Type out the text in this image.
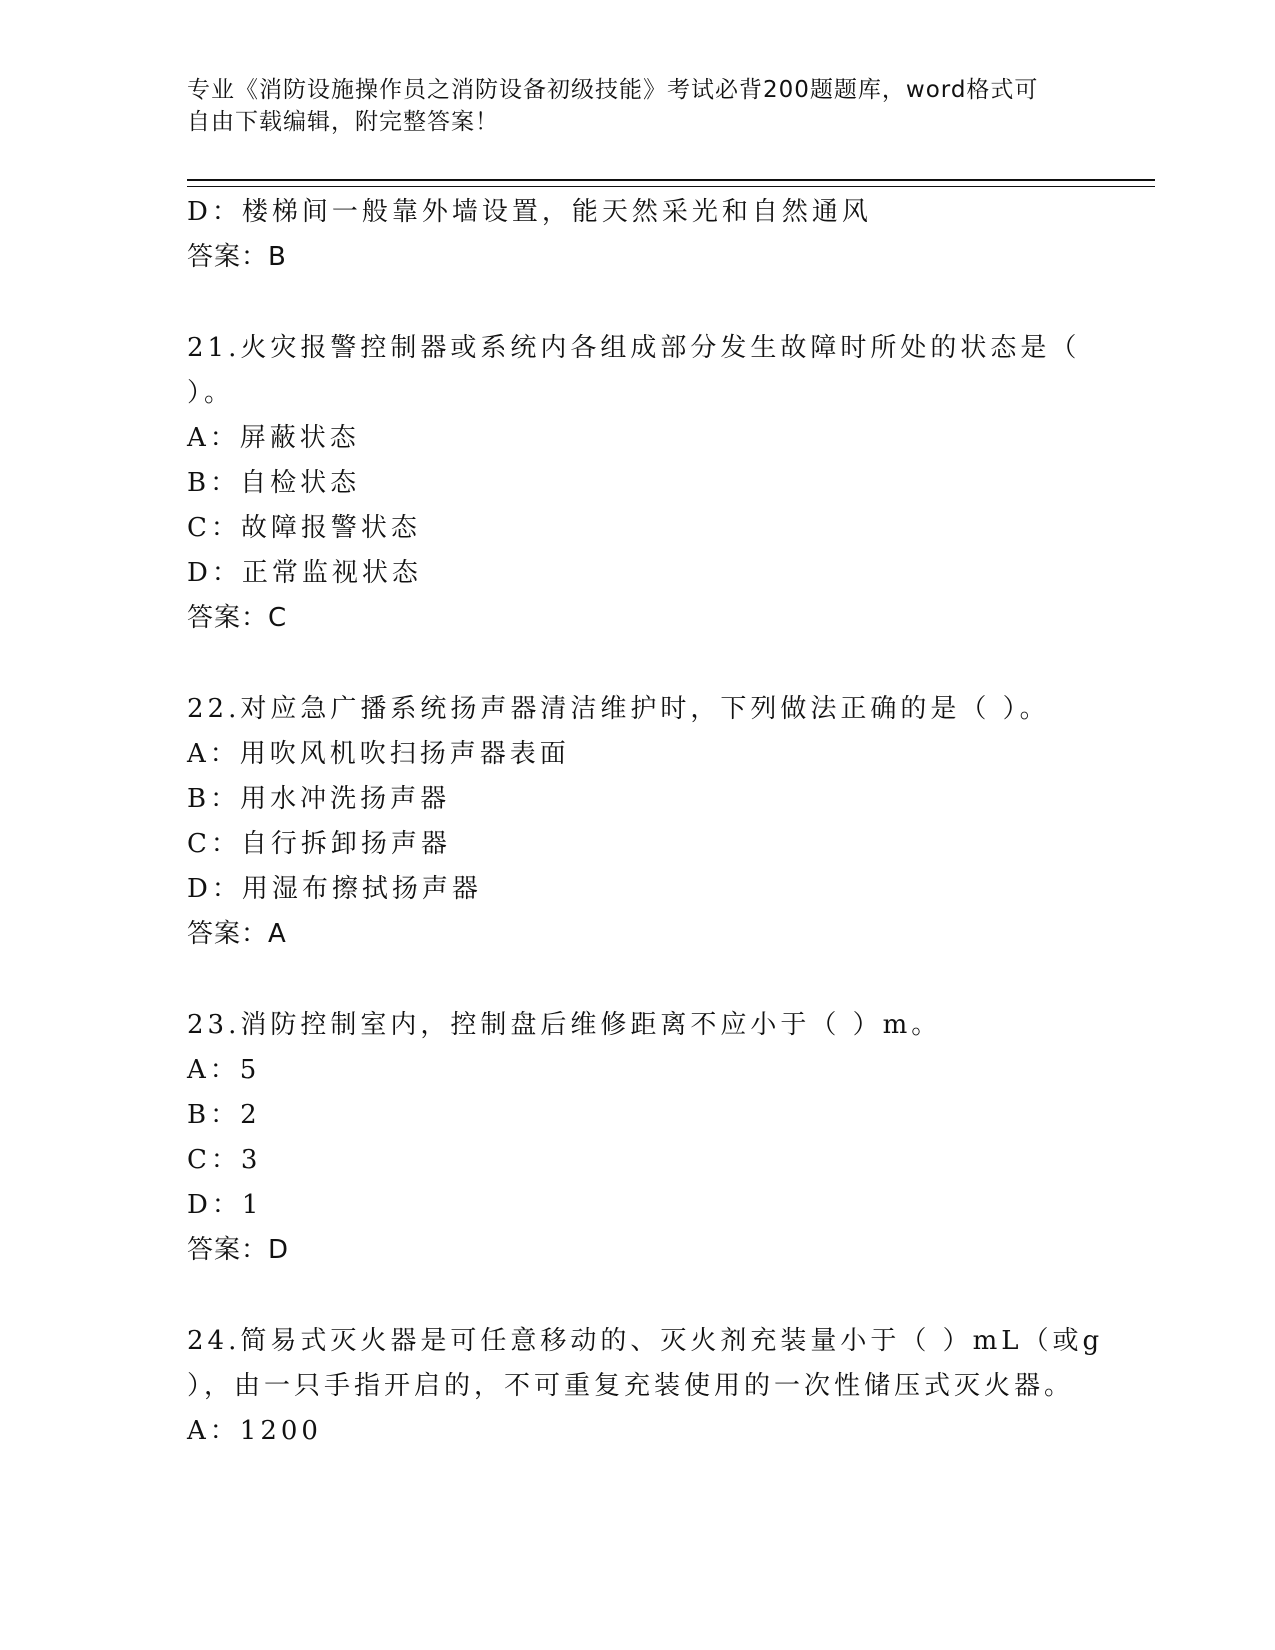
专业《消防设施操作员之消防设备初级技能》考试必背200题题库，word格式可
自由下载编辑，附完整答案！
D：楼梯间一般靠外墙设置，能天然采光和自然通风
答案：B
21.火灾报警控制器或系统内各组成部分发生故障时所处的状态是（
）。
A：屏蔽状态
B：自检状态
C：故障报警状态
D：正常监视状态
答案：C
22.对应急广播系统扬声器清洁维护时，下列做法正确的是（ ）。
A：用吹风机吹扫扬声器表面
B：用水冲洗扬声器
C：自行拆卸扬声器
D：用湿布擦拭扬声器
答案：A
23.消防控制室内，控制盘后维修距离不应小于（ ）m。
A：5
B：2
C：3
D：1
答案：D
24.简易式灭火器是可任意移动的、灭火剂充装量小于（ ）mL（或g
），由一只手指开启的，不可重复充装使用的一次性储压式灭火器。
A：1200
